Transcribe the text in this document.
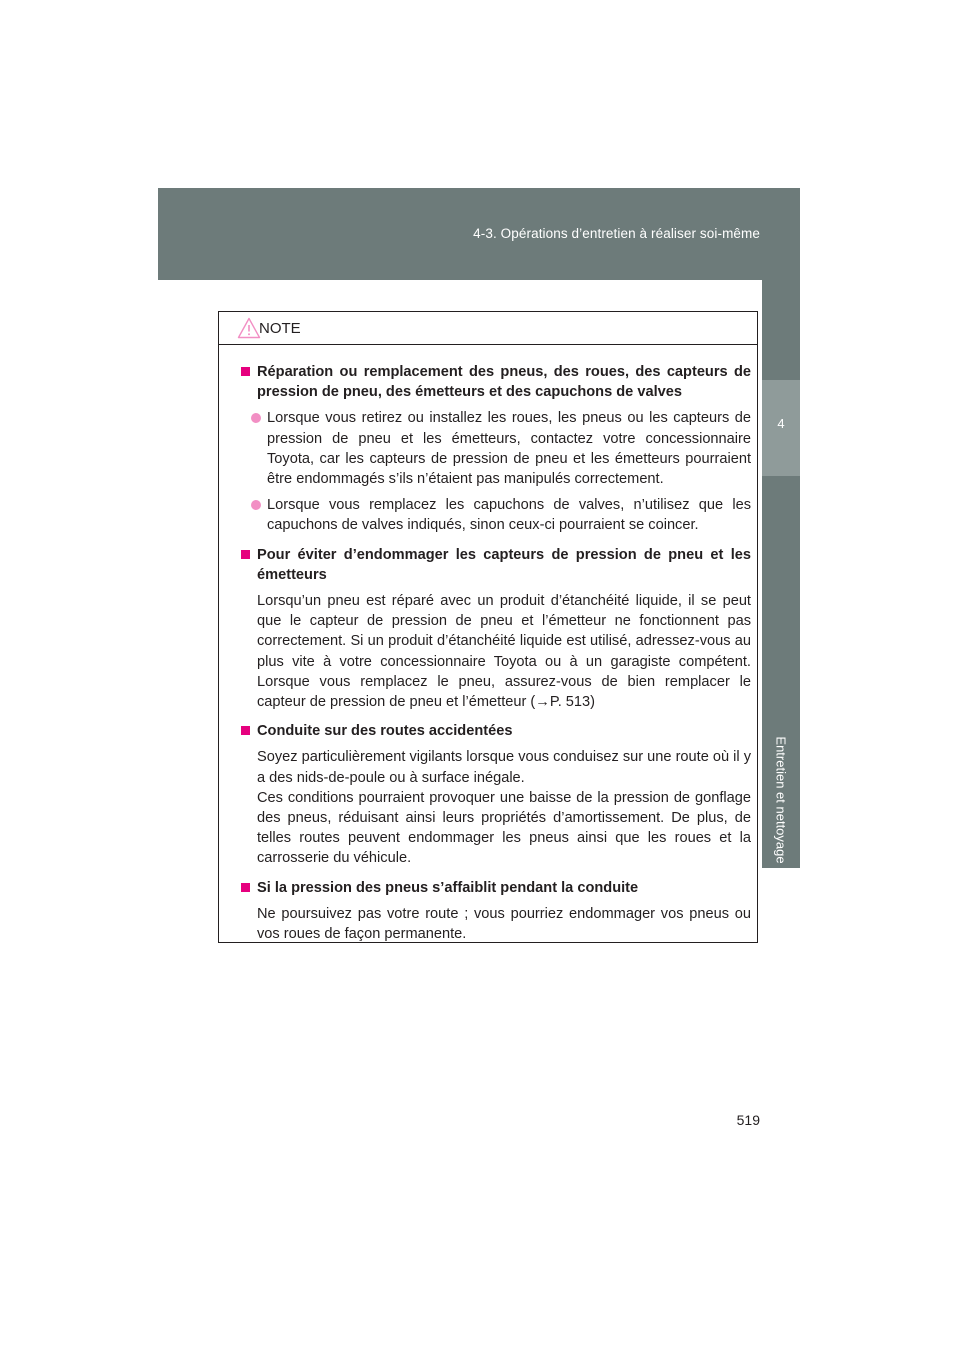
4-3. Opérations d’entretien à réaliser soi-même
4
Entretien et nettoyage
NOTE
Réparation ou remplacement des pneus, des roues, des capteurs de pression de pneu, des émetteurs et des capuchons de valves
Lorsque vous retirez ou installez les roues, les pneus ou les capteurs de pression de pneu et les émetteurs, contactez votre concessionnaire Toyota, car les capteurs de pression de pneu et les émetteurs pourraient être endommagés s’ils n’étaient pas manipulés correctement.
Lorsque vous remplacez les capuchons de valves, n’utilisez que les capuchons de valves indiqués, sinon ceux-ci pourraient se coincer.
Pour éviter d’endommager les capteurs de pression de pneu et les émetteurs
Lorsqu’un pneu est réparé avec un produit d’étanchéité liquide, il se peut que le capteur de pression de pneu et l’émetteur ne fonctionnent pas correctement. Si un produit d’étanchéité liquide est utilisé, adressez-vous au plus vite à votre concessionnaire Toyota ou à un garagiste compétent. Lorsque vous remplacez le pneu, assurez-vous de bien remplacer le capteur de pression de pneu et l’émetteur (→P. 513)
Conduite sur des routes accidentées
Soyez particulièrement vigilants lorsque vous conduisez sur une route où il y a des nids-de-poule ou à surface inégale.
Ces conditions pourraient provoquer une baisse de la pression de gonflage des pneus, réduisant ainsi leurs propriétés d’amortissement. De plus, de telles routes peuvent endommager les pneus ainsi que les roues et la carrosserie du véhicule.
Si la pression des pneus s’affaiblit pendant la conduite
Ne poursuivez pas votre route ; vous pourriez endommager vos pneus ou vos roues de façon permanente.
519
